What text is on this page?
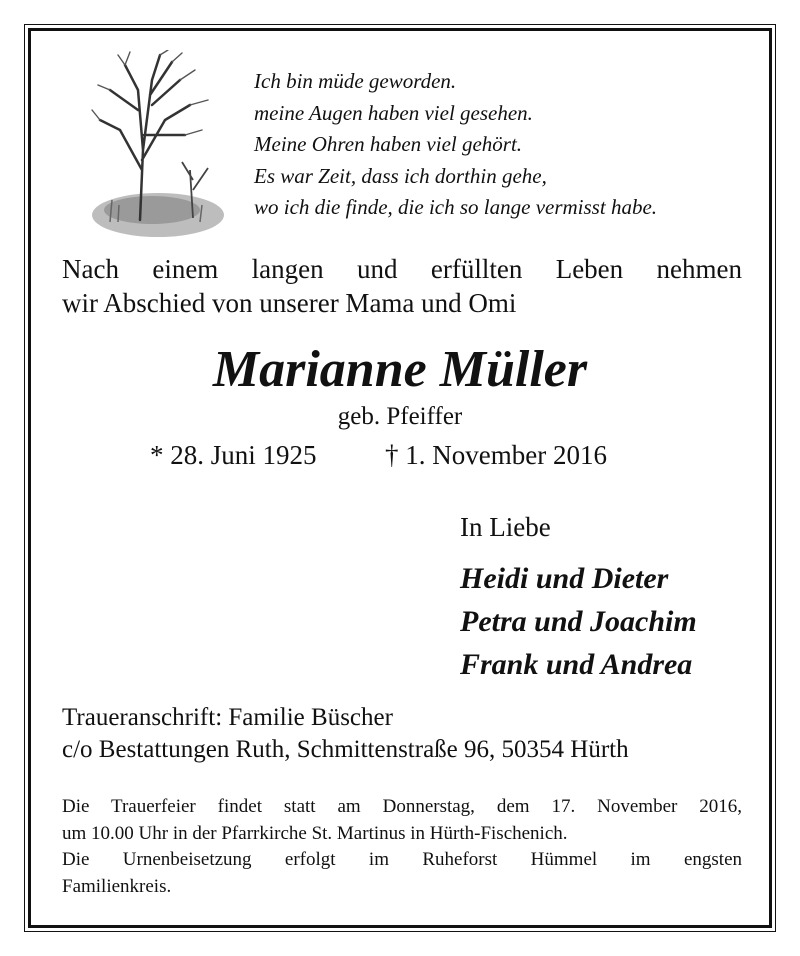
Ich bin müde geworden.
meine Augen haben viel gesehen.
Meine Ohren haben viel gehört.
Es war Zeit, dass ich dorthin gehe,
wo ich die finde, die ich so lange vermisst habe.
Nach einem langen und erfüllten Leben nehmen
wir Abschied von unserer Mama und Omi
Marianne Müller
geb. Pfeiffer
* 28. Juni 1925	† 1. November 2016
In Liebe
Heidi und Dieter
Petra und Joachim
Frank und Andrea
Traueranschrift: Familie Büscher
c/o Bestattungen Ruth, Schmittenstraße 96, 50354 Hürth
Die Trauerfeier findet statt am Donnerstag, dem 17. November 2016,
um 10.00 Uhr in der Pfarrkirche St. Martinus in Hürth-Fischenich.
Die Urnenbeisetzung erfolgt im Ruheforst Hümmel im engsten
Familienkreis.
